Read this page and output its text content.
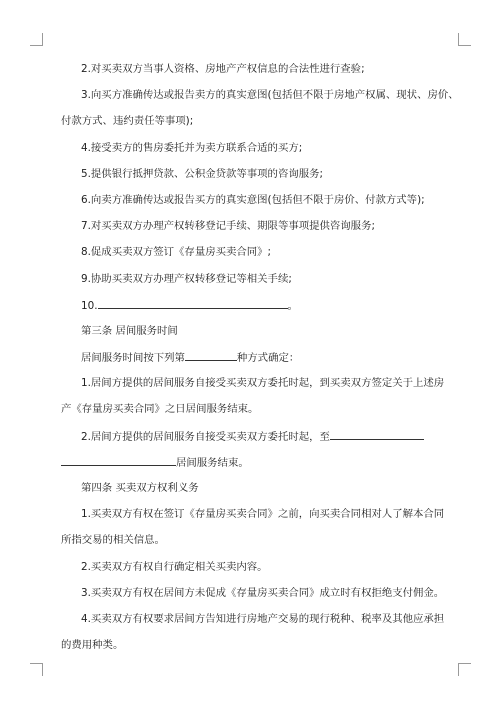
2.对买卖双方当事人资格、房地产产权信息的合法性进行查验;
3.向买方准确传达或报告卖方的真实意图(包括但不限于房地产权属、现状、房价、
付款方式、违约责任等事项);
4.接受卖方的售房委托并为卖方联系合适的买方;
5.提供银行抵押贷款、公积金贷款等事项的咨询服务;
6.向卖方准确传达或报告买方的真实意图(包括但不限于房价、付款方式等);
7.对买卖双方办理产权转移登记手续、期限等事项提供咨询服务;
8.促成买卖双方签订《存量房买卖合同》;
9.协助买卖双方办理产权转移登记等相关手续;
10.	。
第三条 居间服务时间
居间服务时间按下列第	种方式确定：
1.居间方提供的居间服务自接受买卖双方委托时起，到买卖双方签定关于上述房
产《存量房买卖合同》之日居间服务结束。
2.居间方提供的居间服务自接受买卖双方委托时起，至
居间服务结束。
第四条 买卖双方权利义务
1.买卖双方有权在签订《存量房买卖合同》之前，向买卖合同相对人了解本合同
所指交易的相关信息。
2.买卖双方有权自行确定相关买卖内容。
3.买卖双方有权在居间方未促成《存量房买卖合同》成立时有权拒绝支付佣金。
4.买卖双方有权要求居间方告知进行房地产交易的现行税种、税率及其他应承担
的费用种类。
